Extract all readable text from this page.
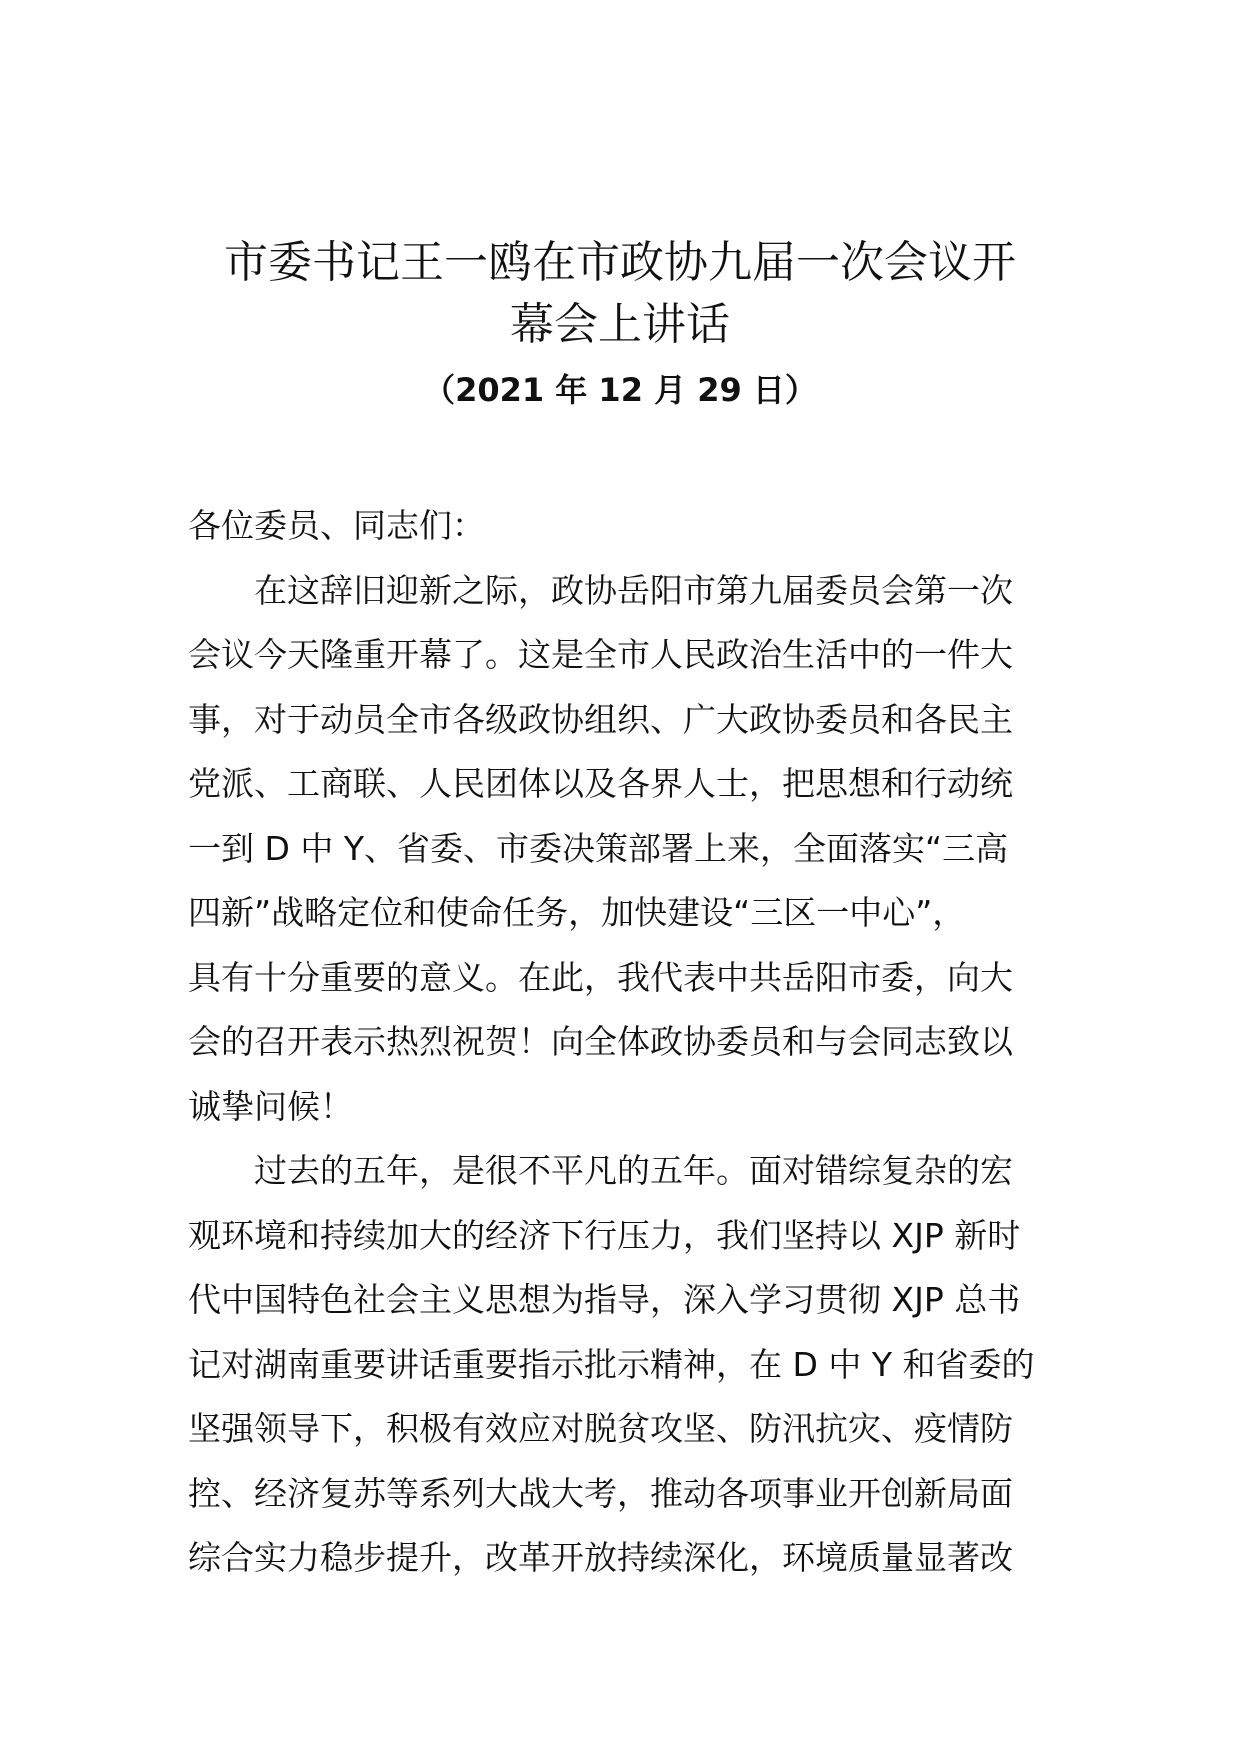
市委书记王一鸥在市政协九届一次会议开
幕会上讲话
（2021 年 12 月 29 日）
各位委员、同志们：
在这辞旧迎新之际，政协岳阳市第九届委员会第一次
会议今天隆重开幕了。这是全市人民政治生活中的一件大
事，对于动员全市各级政协组织、广大政协委员和各民主
党派、工商联、人民团体以及各界人士，把思想和行动统
一到 D 中 Y、省委、市委决策部署上来，全面落实“三高
四新”战略定位和使命任务，加快建设“三区一中心”，
具有十分重要的意义。在此，我代表中共岳阳市委，向大
会的召开表示热烈祝贺！向全体政协委员和与会同志致以
诚挚问候！
过去的五年，是很不平凡的五年。面对错综复杂的宏
观环境和持续加大的经济下行压力，我们坚持以 XJP 新时
代中国特色社会主义思想为指导，深入学习贯彻 XJP 总书
记对湖南重要讲话重要指示批示精神，在 D 中 Y 和省委的
坚强领导下，积极有效应对脱贫攻坚、防汛抗灾、疫情防
控、经济复苏等系列大战大考，推动各项事业开创新局面
综合实力稳步提升，改革开放持续深化，环境质量显著改
